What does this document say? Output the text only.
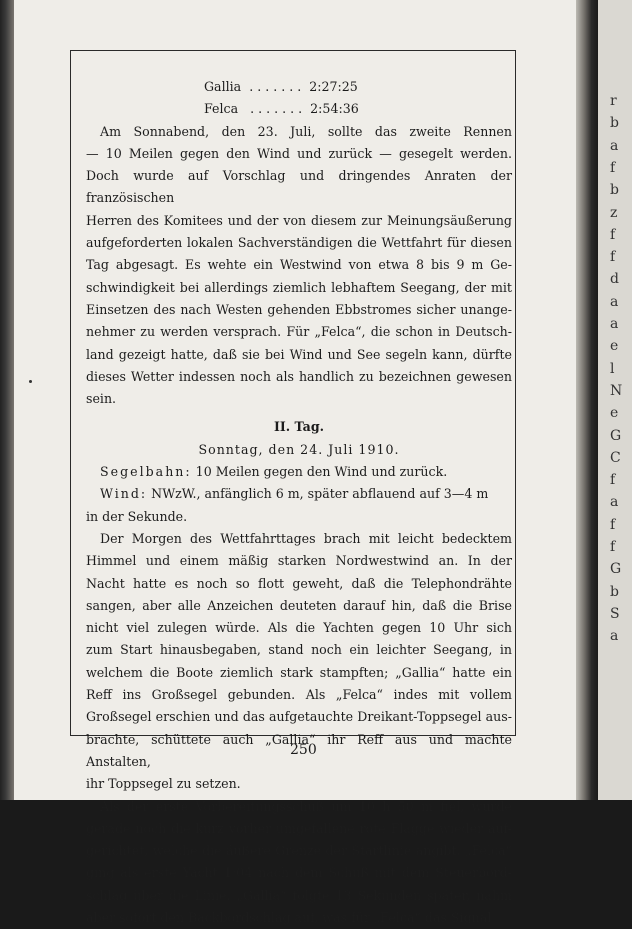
r
b
a
f
b
z
f
f
d
a
a
e
l
N
e
G
C
f
a
f
f
G
b
S
a
Gallia . . . . . . . 2:27:25
Felca . . . . . . . 2:54:36

Am Sonnabend, den 23. Juli, sollte das zweite Rennen
— 10 Meilen gegen den Wind und zurück — gesegelt werden.
Doch wurde auf Vorschlag und dringendes Anraten der französischen
Herren des Komitees und der von diesem zur Meinungsäußerung
aufgeforderten lokalen Sachverständigen die Wettfahrt für diesen
Tag abgesagt. Es wehte ein Westwind von etwa 8 bis 9 m Ge-
schwindigkeit bei allerdings ziemlich lebhaftem Seegang, der mit
Einsetzen des nach Westen gehenden Ebbstromes sicher unange-
nehmer zu werden versprach. Für „Felca“, die schon in Deutsch-
land gezeigt hatte, daß sie bei Wind und See segeln kann, dürfte
dieses Wetter indessen noch als handlich zu bezeichnen gewesen sein.

II. Tag.
Sonntag, den 24. Juli 1910.

Segelbahn: 10 Meilen gegen den Wind und zurück.

Wind: NWzW., anfänglich 6 m, später abflauend auf 3—4 m

in der Sekunde.

Der Morgen des Wettfahrttages brach mit leicht bedecktem
Himmel und einem mäßig starken Nordwestwind an. In der
Nacht hatte es noch so flott geweht, daß die Telephondrähte
sangen, aber alle Anzeichen deuteten darauf hin, daß die Brise
nicht viel zulegen würde. Als die Yachten gegen 10 Uhr sich
zum Start hinausbegaben, stand noch ein leichter Seegang, in
welchem die Boote ziemlich stark stampften; „Gallia“ hatte ein
Reff ins Großsegel gebunden. Als „Felca“ indes mit vollem
Großsegel erschien und das aufgetauchte Dreikant-Toppsegel aus-
brachte, schüttete auch „Gallia“ ihr Reff aus und machte Anstalten,
ihr Toppsegel zu setzen.

Als der erste Vorbereitungsschuß um 10 h 50 m fiel, wurde
gerade noch die kurz vorher umgefallene rote Flagge wieder auf-
gerichtet, welche die äußere Grenze der Startlinie angibt. „Felca“
ging als erste Yacht 1:04 nach dem Schuß mit dem Steuerbord-
schlag über die Linie, „Gallia“ folgte 13 Sekunden später, nahm
aber sofort den Backbordschlag auf, was für „Felca“ das Signal

250
